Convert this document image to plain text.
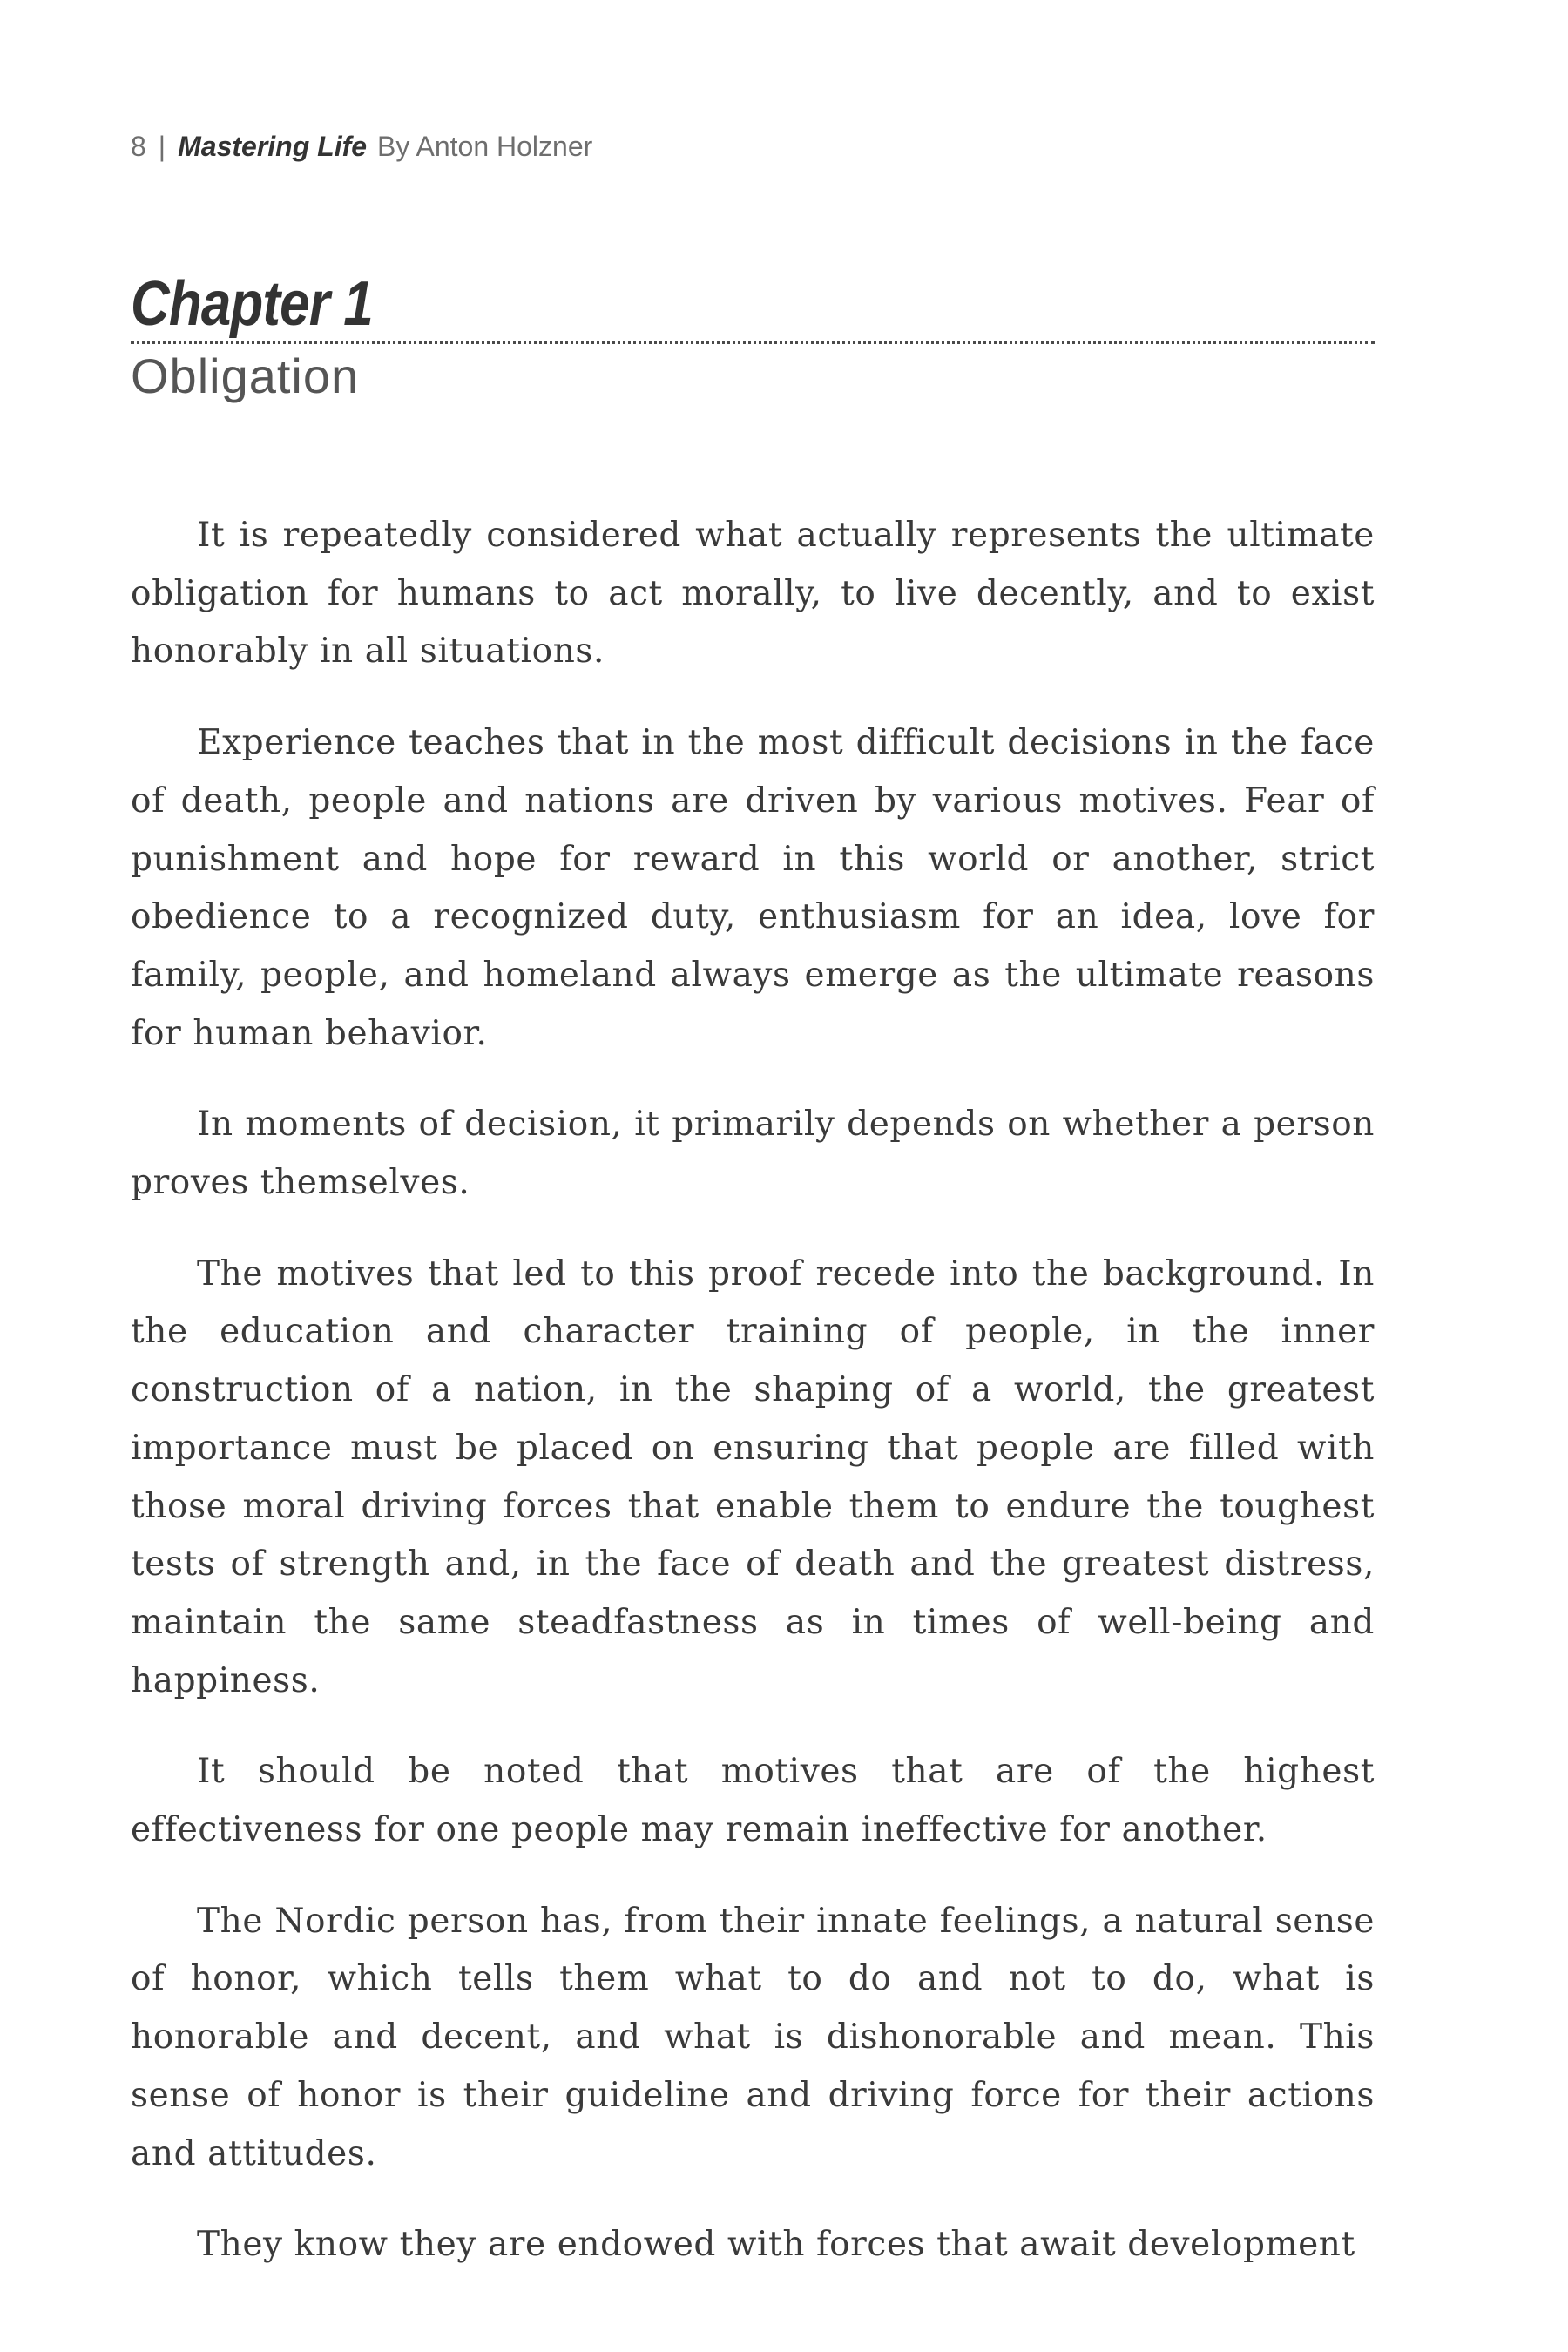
8 | Mastering Life By Anton Holzner
Chapter 1
Obligation

It is repeatedly considered what actually represents the ultimate obligation for humans to act morally, to live decently, and to exist honorably in all situations.

Experience teaches that in the most difficult decisions in the face of death, people and nations are driven by various motives. Fear of punishment and hope for reward in this world or another, strict obedience to a recognized duty, enthusiasm for an idea, love for family, people, and homeland always emerge as the ultimate reasons for human behavior.

In moments of decision, it primarily depends on whether a person proves themselves.

The motives that led to this proof recede into the background. In the education and character training of people, in the inner construction of a nation, in the shaping of a world, the greatest importance must be placed on ensuring that people are filled with those moral driving forces that enable them to endure the toughest tests of strength and, in the face of death and the greatest distress, maintain the same steadfastness as in times of well-being and happiness.

It should be noted that motives that are of the highest effectiveness for one people may remain ineffective for another.

The Nordic person has, from their innate feelings, a natural sense of honor, which tells them what to do and not to do, what is honorable and decent, and what is dishonorable and mean. This sense of honor is their guideline and driving force for their actions and attitudes.

They know they are endowed with forces that await development
